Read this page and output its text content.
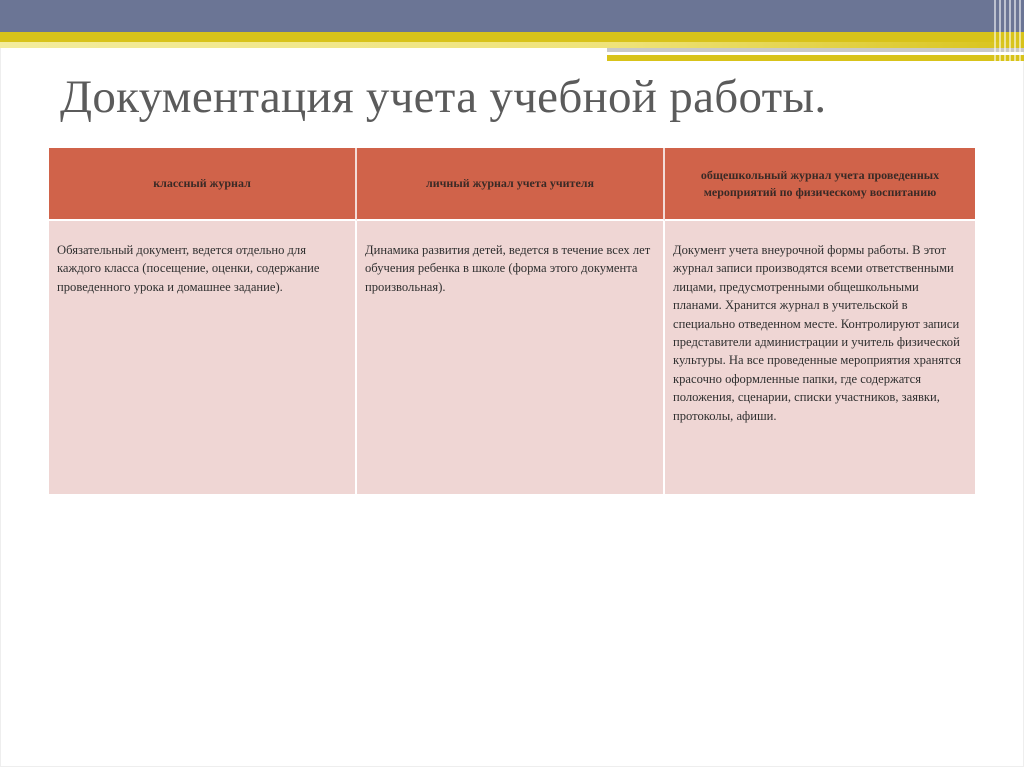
Документация учета учебной работы.
классный журнал	личный журнал учета учителя	общешкольный журнал учета проведенных мероприятий по физическому воспитанию
Обязательный документ, ведется отдельно для каждого класса (посещение, оценки, содержание проведенного урока и домашнее задание).	Динамика развития детей, ведется в течение всех лет обучения ребенка в школе (форма этого документа произвольная).	Документ учета внеурочной формы работы. В этот журнал записи производятся всеми ответственными лицами, предусмотренными общешкольными планами. Хранится журнал в учительской в специально отведенном месте. Контролируют записи представители администрации и учитель физической культуры. На все проведенные мероприятия хранятся красочно оформленные папки, где содержатся положения, сценарии, списки участников, заявки, протоколы, афиши.
